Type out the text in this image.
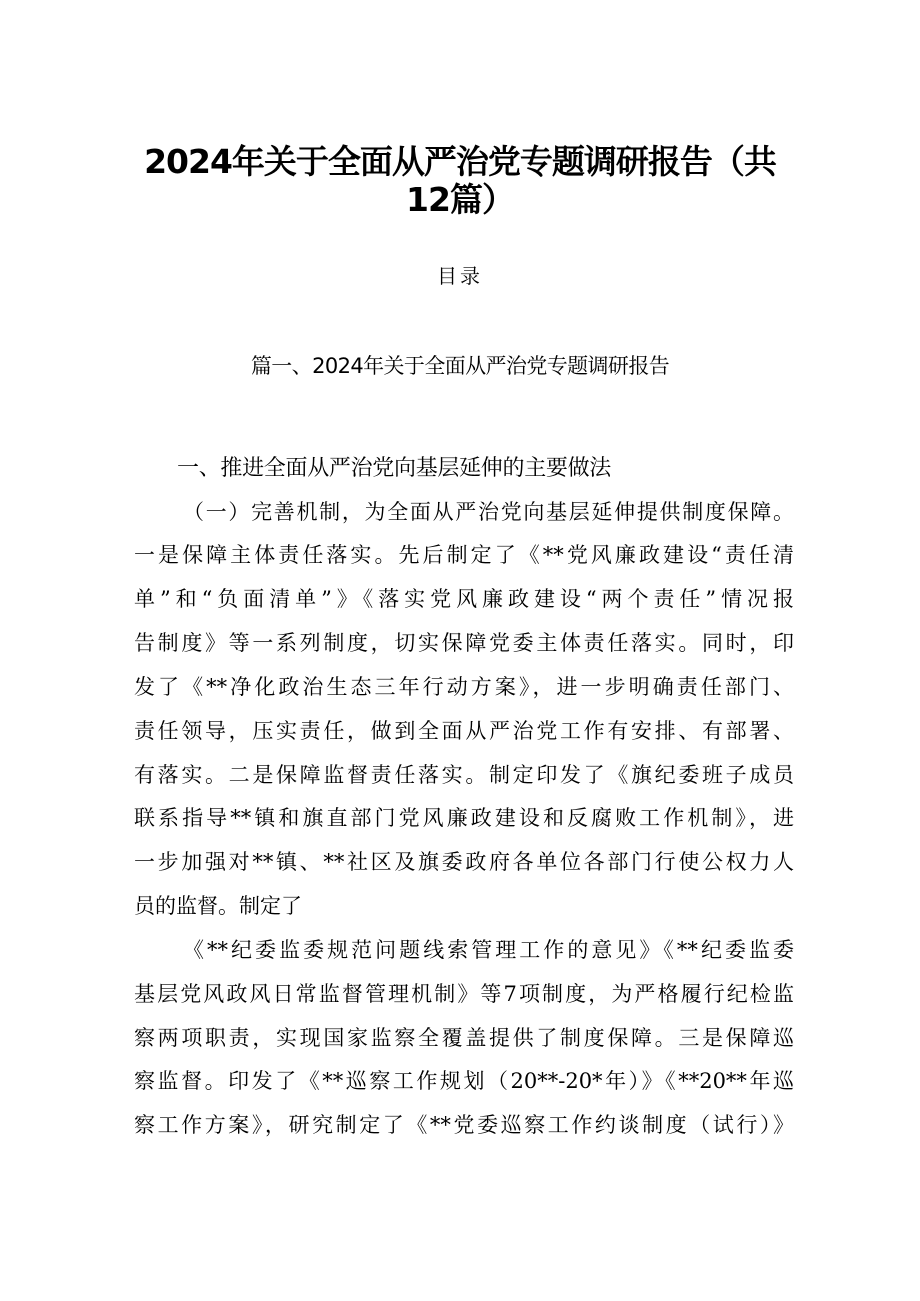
2024年关于全面从严治党专题调研报告（共
12篇）
目录
篇一、2024年关于全面从严治党专题调研报告
一、推进全面从严治党向基层延伸的主要做法
（一）完善机制，为全面从严治党向基层延伸提供制度保障。
一是保障主体责任落实。先后制定了《**党风廉政建设“责任清
单”和“负面清单”》《落实党风廉政建设“两个责任”情况报
告制度》等一系列制度，切实保障党委主体责任落实。同时，印
发了《**净化政治生态三年行动方案》，进一步明确责任部门、
责任领导，压实责任，做到全面从严治党工作有安排、有部署、
有落实。二是保障监督责任落实。制定印发了《旗纪委班子成员
联系指导**镇和旗直部门党风廉政建设和反腐败工作机制》，进
一步加强对**镇、**社区及旗委政府各单位各部门行使公权力人
员的监督。制定了
《**纪委监委规范问题线索管理工作的意见》《**纪委监委
基层党风政风日常监督管理机制》等7项制度，为严格履行纪检监
察两项职责，实现国家监察全覆盖提供了制度保障。三是保障巡
察监督。印发了《**巡察工作规划（20**-20*年）》《**20**年巡
察工作方案》，研究制定了《**党委巡察工作约谈制度（试行）》
